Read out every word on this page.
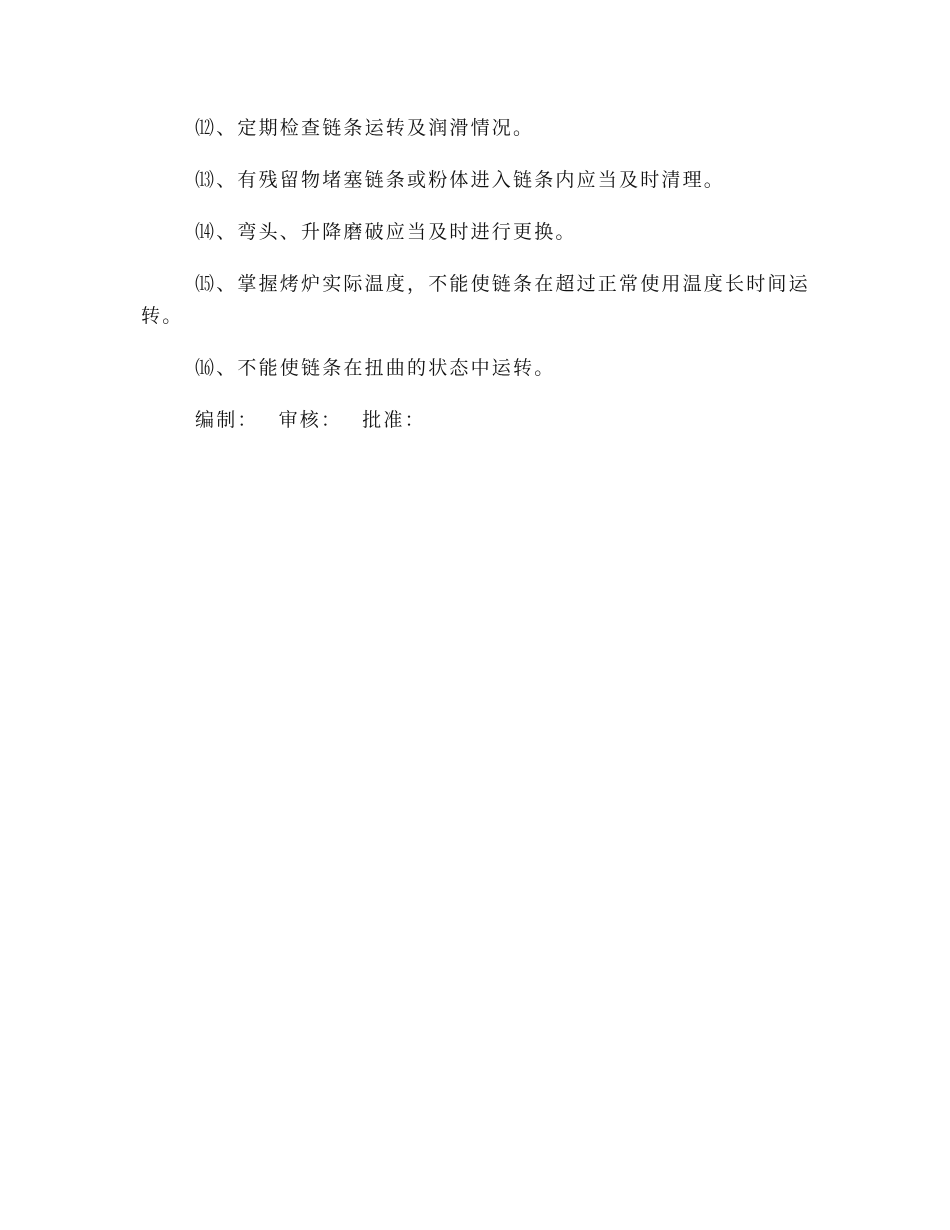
⑿、定期检查链条运转及润滑情况。

⒀、有残留物堵塞链条或粉体进入链条内应当及时清理。

⒁、弯头、升降磨破应当及时进行更换。

⒂、掌握烤炉实际温度，不能使链条在超过正常使用温度长时间运转。

⒃、不能使链条在扭曲的状态中运转。

编制： 审核： 批准：
